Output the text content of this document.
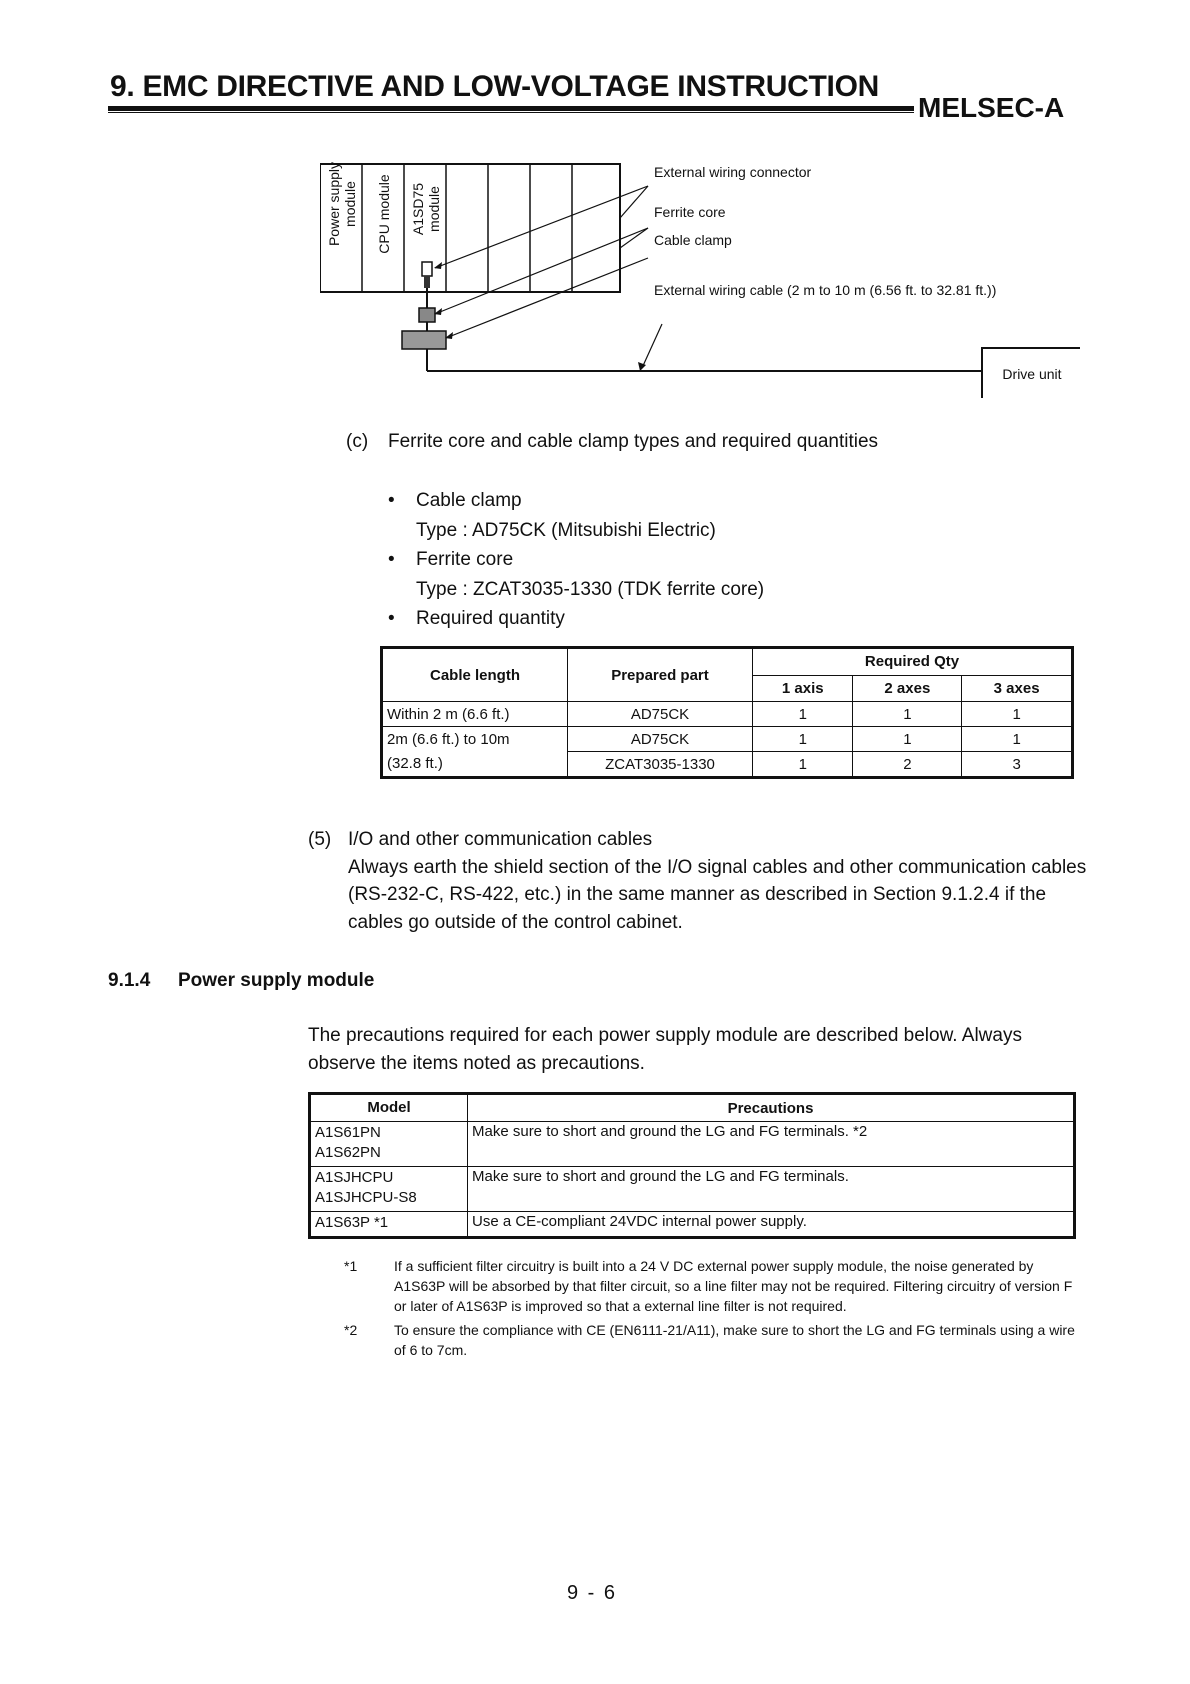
9. EMC DIRECTIVE AND LOW-VOLTAGE INSTRUCTION
MELSEC-A
Power supply module CPU module A1SD75 module
External wiring connector
Ferrite core
Cable clamp
External wiring cable (2 m to 10 m (6.56 ft. to 32.81 ft.))
Drive unit
(c) Ferrite core and cable clamp types and required quantities
• Cable clamp
Type : AD75CK (Mitsubishi Electric)
• Ferrite core
Type : ZCAT3035-1330 (TDK ferrite core)
• Required quantity
Cable length	Prepared part	Required Qty		
		1 axis	2 axes	3 axes
Within 2 m (6.6 ft.)	AD75CK	1	1	1
2m (6.6 ft.) to 10m	AD75CK	1	1	1
(32.8 ft.)	ZCAT3035-1330	1	2	3
(5) I/O and other communication cables
Always earth the shield section of the I/O signal cables and other communication cables (RS-232-C, RS-422, etc.) in the same manner as described in Section 9.1.2.4 if the cables go outside of the control cabinet.
9.1.4 Power supply module
The precautions required for each power supply module are described below. Always observe the items noted as precautions.
Model	Precautions

A1S61PN
A1S62PN	Make sure to short and ground the LG and FG terminals. *2

A1SJHCPU
A1SJHCPU-S8	Make sure to short and ground the LG and FG terminals.

A1S63P *1	Use a CE-compliant 24VDC internal power supply.
*1	If a sufficient filter circuitry is built into a 24 V DC external power supply module, the noise generated by A1S63P will be absorbed by that filter circuit, so a line filter may not be required. Filtering circuitry of version F or later of A1S63P is improved so that a external line filter is not required.
*2	To ensure the compliance with CE (EN6111-21/A11), make sure to short the LG and FG terminals using a wire of 6 to 7cm.
9 - 6
